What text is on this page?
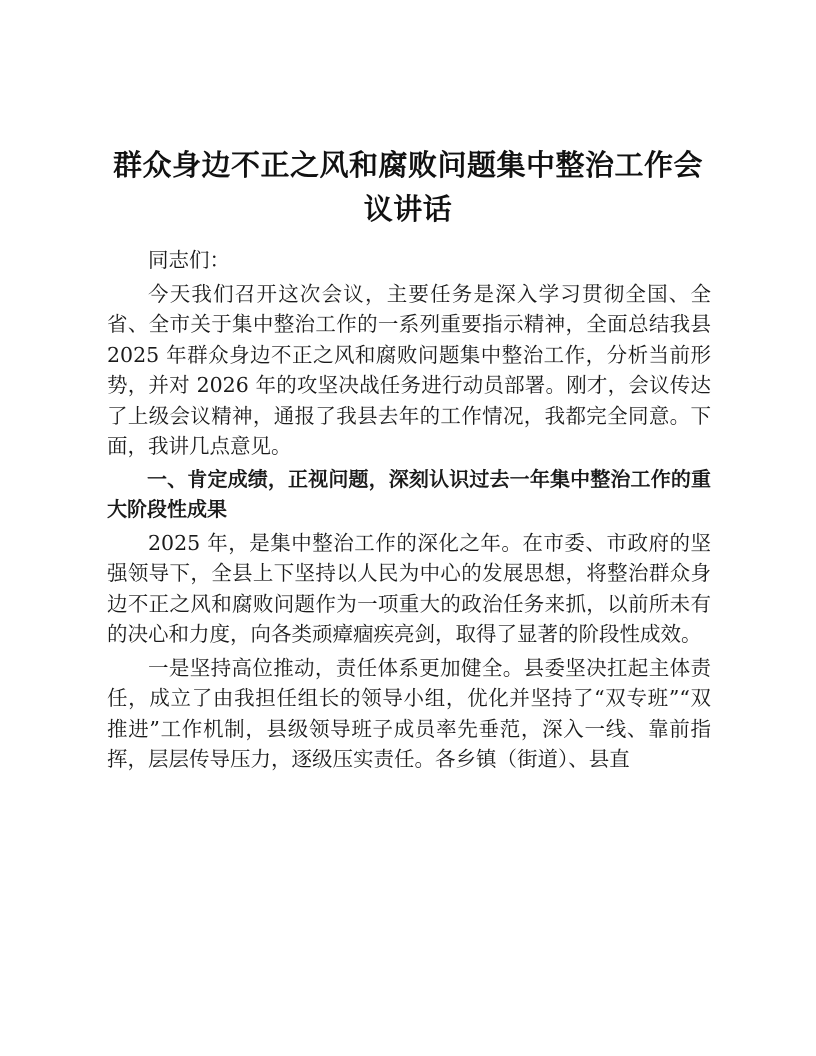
群众身边不正之风和腐败问题集中整治工作会议讲话

同志们：

今天我们召开这次会议，主要任务是深入学习贯彻全国、全省、全市关于集中整治工作的一系列重要指示精神，全面总结我县 2025 年群众身边不正之风和腐败问题集中整治工作，分析当前形势，并对 2026 年的攻坚决战任务进行动员部署。刚才，会议传达了上级会议精神，通报了我县去年的工作情况，我都完全同意。下面，我讲几点意见。

一、肯定成绩，正视问题，深刻认识过去一年集中整治工作的重大阶段性成果

2025 年，是集中整治工作的深化之年。在市委、市政府的坚强领导下，全县上下坚持以人民为中心的发展思想，将整治群众身边不正之风和腐败问题作为一项重大的政治任务来抓，以前所未有的决心和力度，向各类顽瘴痼疾亮剑，取得了显著的阶段性成效。

一是坚持高位推动，责任体系更加健全。县委坚决扛起主体责任，成立了由我担任组长的领导小组，优化并坚持了“双专班”“双推进”工作机制，县级领导班子成员率先垂范，深入一线、靠前指挥，层层传导压力，逐级压实责任。各乡镇（街道）、县直
